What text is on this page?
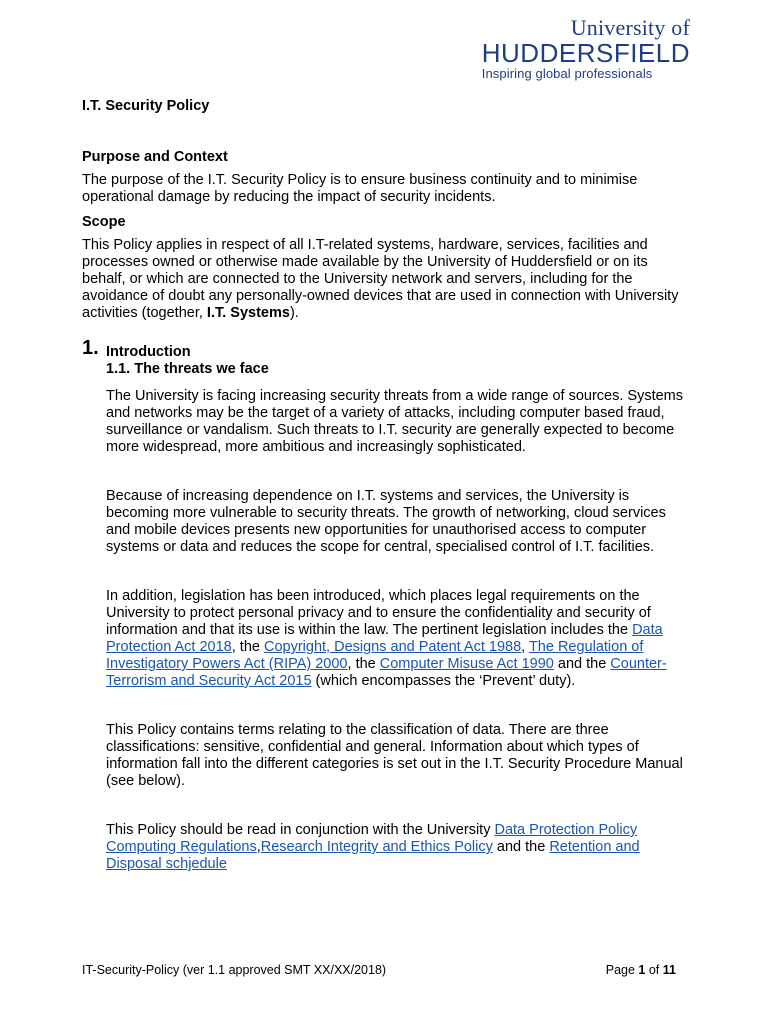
University of
HUDDERSFIELD
Inspiring global professionals
I.T. Security Policy
Purpose and Context

The purpose of the I.T. Security Policy is to ensure business continuity and to minimise operational damage by reducing the impact of security incidents.

Scope

This Policy applies in respect of all I.T-related systems, hardware, services, facilities and processes owned or otherwise made available by the University of Huddersfield or on its behalf, or which are connected to the University network and servers, including for the avoidance of doubt any personally-owned devices that are used in connection with University activities (together, I.T. Systems).

1. Introduction
1.1. The threats we face

The University is facing increasing security threats from a wide range of sources. Systems and networks may be the target of a variety of attacks, including computer based fraud, surveillance or vandalism. Such threats to I.T. security are generally expected to become more widespread, more ambitious and increasingly sophisticated.

Because of increasing dependence on I.T. systems and services, the University is becoming more vulnerable to security threats. The growth of networking, cloud services and mobile devices presents new opportunities for unauthorised access to computer systems or data and reduces the scope for central, specialised control of I.T. facilities.

In addition, legislation has been introduced, which places legal requirements on the University to protect personal privacy and to ensure the confidentiality and security of information and that its use is within the law. The pertinent legislation includes the Data Protection Act 2018, the Copyright, Designs and Patent Act 1988, The Regulation of Investigatory Powers Act (RIPA) 2000, the Computer Misuse Act 1990 and the Counter-Terrorism and Security Act 2015 (which encompasses the ‘Prevent’ duty).

This Policy contains terms relating to the classification of data. There are three classifications: sensitive, confidential and general. Information about which types of information fall into the different categories is set out in the I.T. Security Procedure Manual (see below).

This Policy should be read in conjunction with the University Data Protection Policy Computing Regulations,Research Integrity and Ethics Policy and the Retention and Disposal schjedule

IT-Security-Policy (ver 1.1 approved SMT XX/XX/2018)	Page 1 of 11
